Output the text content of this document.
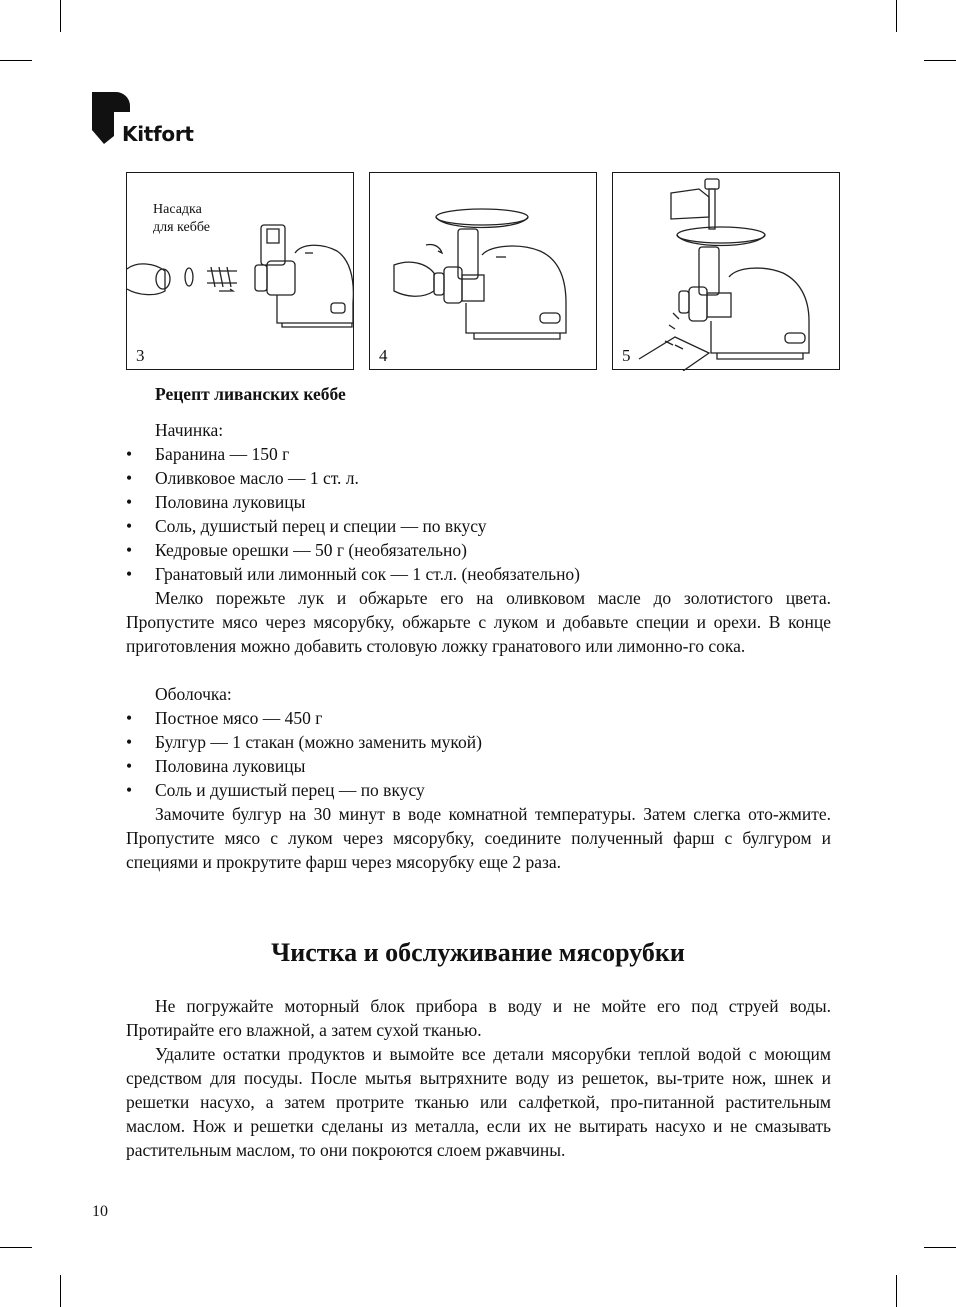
Kitfort
Насадка
для кеббе
3	4	5
Рецепт ливанских кеббе
Начинка:
• Баранина — 150 г
• Оливковое масло — 1 ст. л.
• Половина луковицы
• Соль, душистый перец и специи — по вкусу
• Кедровые орешки — 50 г (необязательно)
• Гранатовый или лимонный сок — 1 ст.л. (необязательно)

Мелко порежьте лук и обжарьте его на оливковом масле до золотистого цвета. Пропустите мясо через мясорубку, обжарьте с луком и добавьте специи и орехи. В конце приготовления можно добавить столовую ложку гранатового или лимонно-го сока.

Оболочка:
• Постное мясо — 450 г
• Булгур — 1 стакан (можно заменить мукой)
• Половина луковицы
• Соль и душистый перец — по вкусу

Замочите булгур на 30 минут в воде комнатной температуры. Затем слегка ото-жмите. Пропустите мясо с луком через мясорубку, соедините полученный фарш с булгуром и специями и прокрутите фарш через мясорубку еще 2 раза.

Чистка и обслуживание мясорубки

Не погружайте моторный блок прибора в воду и не мойте его под струей воды. Протирайте его влажной, а затем сухой тканью.

Удалите остатки продуктов и вымойте все детали мясорубки теплой водой с моющим средством для посуды. После мытья вытряхните воду из решеток, вы-трите нож, шнек и решетки насухо, а затем протрите тканью или салфеткой, про-питанной растительным маслом. Нож и решетки сделаны из металла, если их не вытирать насухо и не смазывать растительным маслом, то они покроются слоем ржавчины.

10
